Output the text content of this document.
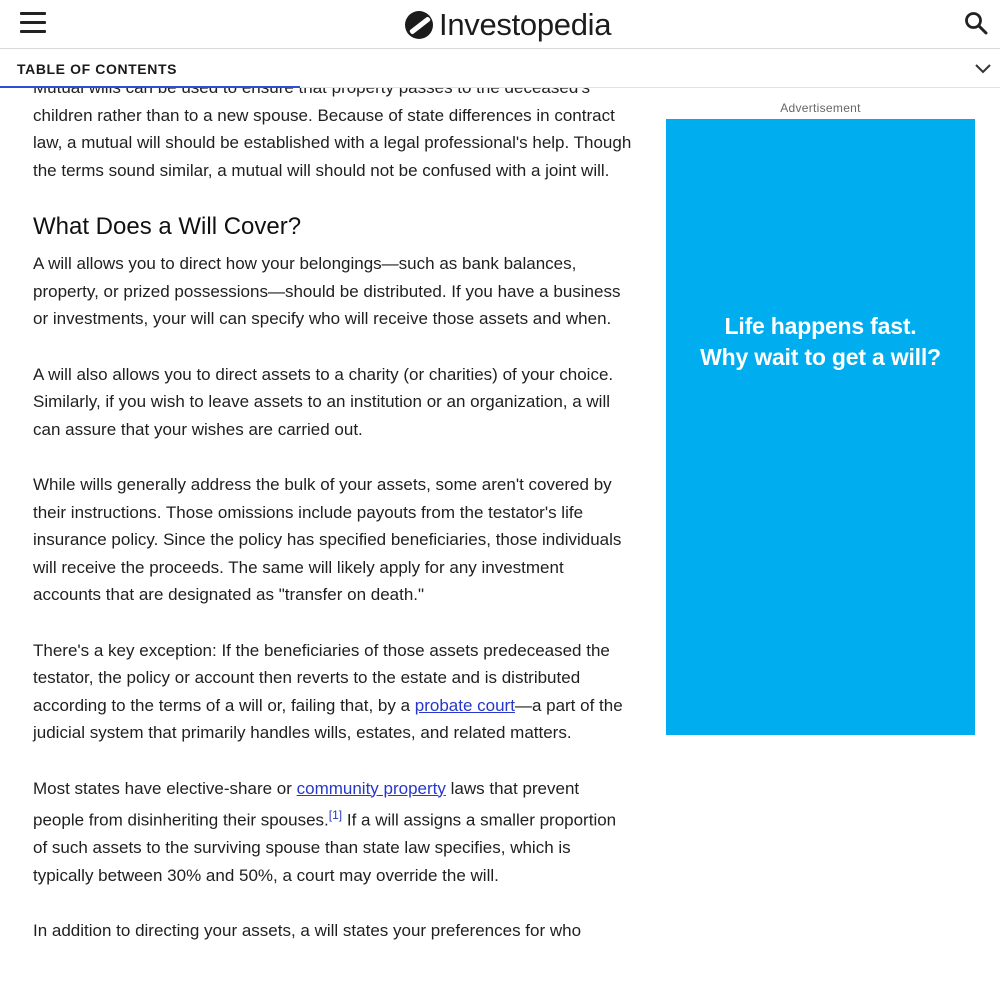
Investopedia
TABLE OF CONTENTS

children rather than to a new spouse. Because of state differences in contract law, a mutual will should be established with a legal professional's help. Though the terms sound similar, a mutual will should not be confused with a joint will.

What Does a Will Cover?

A will allows you to direct how your belongings—such as bank balances, property, or prized possessions—should be distributed. If you have a business or investments, your will can specify who will receive those assets and when.

A will also allows you to direct assets to a charity (or charities) of your choice. Similarly, if you wish to leave assets to an institution or an organization, a will can assure that your wishes are carried out.

While wills generally address the bulk of your assets, some aren't covered by their instructions. Those omissions include payouts from the testator's life insurance policy. Since the policy has specified beneficiaries, those individuals will receive the proceeds. The same will likely apply for any investment accounts that are designated as "transfer on death."

There's a key exception: If the beneficiaries of those assets predeceased the testator, the policy or account then reverts to the estate and is distributed according to the terms of a will or, failing that, by a probate court—a part of the judicial system that primarily handles wills, estates, and related matters.

Most states have elective-share or community property laws that prevent people from disinheriting their spouses.[1] If a will assigns a smaller proportion of such assets to the surviving spouse than state law specifies, which is typically between 30% and 50%, a court may override the will.

In addition to directing your assets, a will states your preferences for who

Advertisement
Life happens fast.
Why wait to get a will?
